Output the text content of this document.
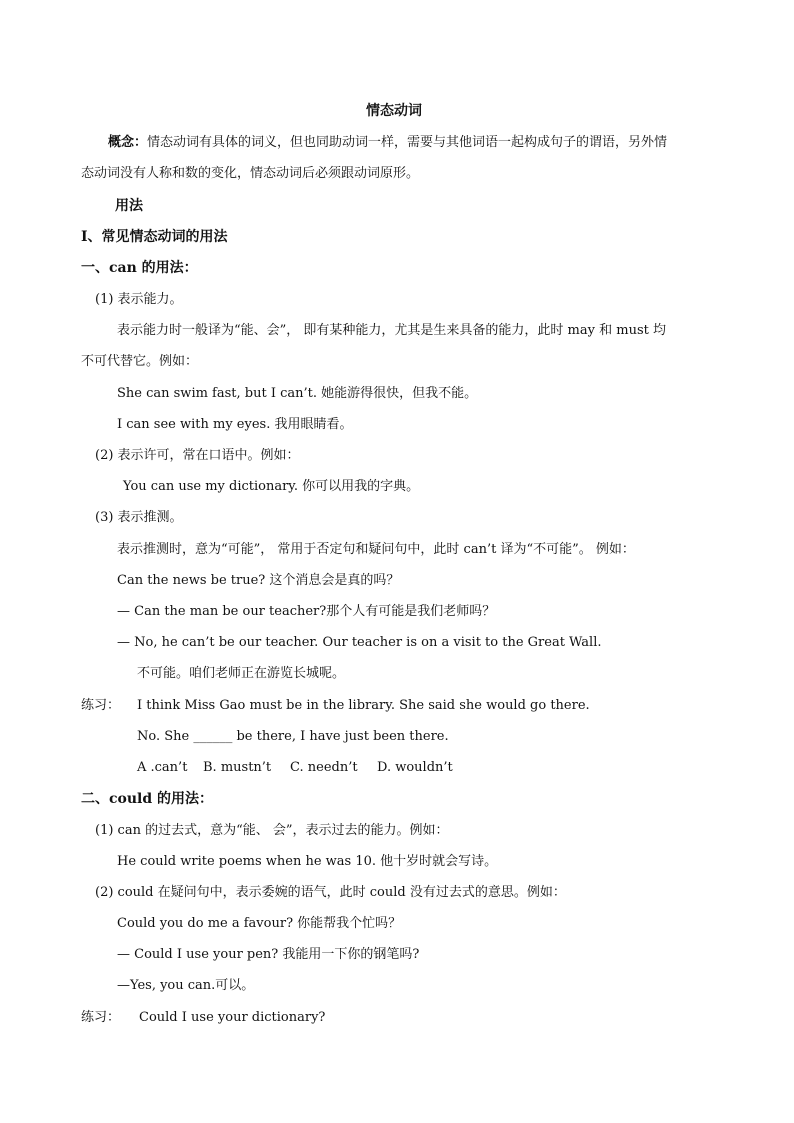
情态动词
概念：情态动词有具体的词义，但也同助动词一样，需要与其他词语一起构成句子的谓语，另外情
态动词没有人称和数的变化，情态动词后必须跟动词原形。
用法
I、常见情态动词的用法
一、can 的用法：
(1) 表示能力。
表示能力时一般译为“能、会”， 即有某种能力，尤其是生来具备的能力，此时 may 和 must 均
不可代替它。例如：
She can swim fast, but I can’t. 她能游得很快，但我不能。
I can see with my eyes. 我用眼睛看。
(2) 表示许可，常在口语中。例如：
You can use my dictionary. 你可以用我的字典。
(3) 表示推测。
表示推测时，意为“可能”， 常用于否定句和疑问句中，此时 can’t 译为“不可能”。 例如：
Can the news be true? 这个消息会是真的吗？
— Can the man be our teacher?那个人有可能是我们老师吗？
— No, he can’t be our teacher. Our teacher is on a visit to the Great Wall.
不可能。咱们老师正在游览长城呢。
练习： I think Miss Gao must be in the library. She said she would go there.
No. She ______ be there, I have just been there.
A .can’t B. mustn’t C. needn’t D. wouldn’t
二、could 的用法：
(1) can 的过去式，意为“能、 会”，表示过去的能力。例如：
He could write poems when he was 10. 他十岁时就会写诗。
(2) could 在疑问句中，表示委婉的语气，此时 could 没有过去式的意思。例如：
Could you do me a favour? 你能帮我个忙吗？
— Could I use your pen? 我能用一下你的钢笔吗?
—Yes, you can.可以。
练习： Could I use your dictionary?
